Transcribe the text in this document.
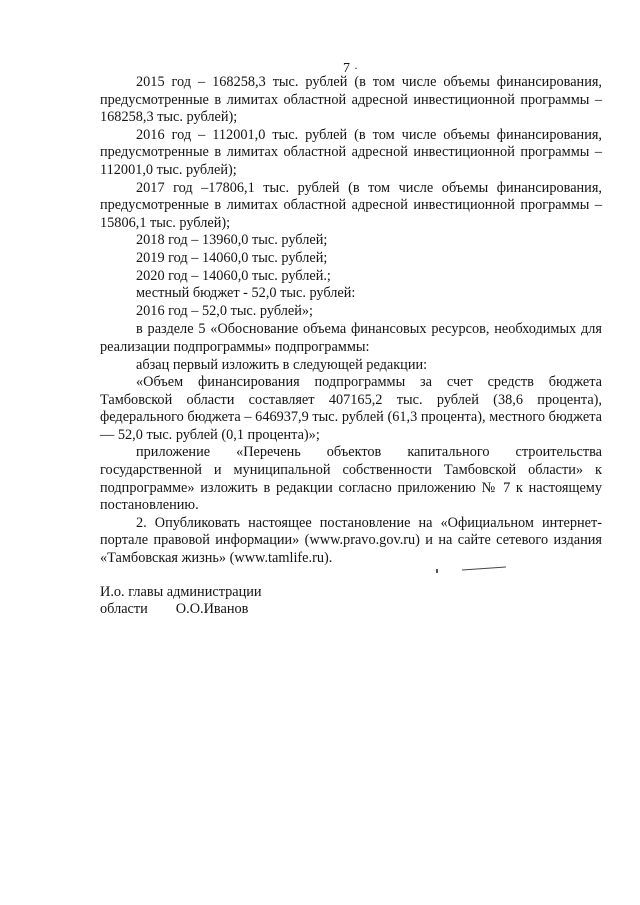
7 ·

2015 год – 168258,3 тыс. рублей (в том числе объемы финансирования, предусмотренные в лимитах областной адресной инвестиционной программы – 168258,3 тыс. рублей);

2016 год – 112001,0 тыс. рублей (в том числе объемы финансирования, предусмотренные в лимитах областной адресной инвестиционной программы – 112001,0 тыс. рублей);

2017 год –17806,1 тыс. рублей (в том числе объемы финансирования, предусмотренные в лимитах областной адресной инвестиционной программы – 15806,1 тыс. рублей);

2018 год – 13960,0 тыс. рублей;

2019 год – 14060,0 тыс. рублей;

2020 год – 14060,0 тыс. рублей.;

местный бюджет - 52,0 тыс. рублей:

2016 год – 52,0 тыс. рублей»;

в разделе 5 «Обоснование объема финансовых ресурсов, необходимых для реализации подпрограммы» подпрограммы:

абзац первый изложить в следующей редакции:

«Объем финансирования подпрограммы за счет средств бюджета Тамбовской области составляет 407165,2 тыс. рублей (38,6 процента), федерального бюджета – 646937,9 тыс. рублей (61,3 процента), местного бюджета — 52,0 тыс. рублей (0,1 процента)»;

приложение «Перечень объектов капитального строительства государственной и муниципальной собственности Тамбовской области» к подпрограмме» изложить в редакции согласно приложению № 7 к настоящему постановлению.

2. Опубликовать настоящее постановление на «Официальном интернет-портале правовой информации» (www.pravo.gov.ru) и на сайте сетевого издания «Тамбовская жизнь» (www.tamlife.ru).

И.о. главы администрации
области О.О.Иванов
